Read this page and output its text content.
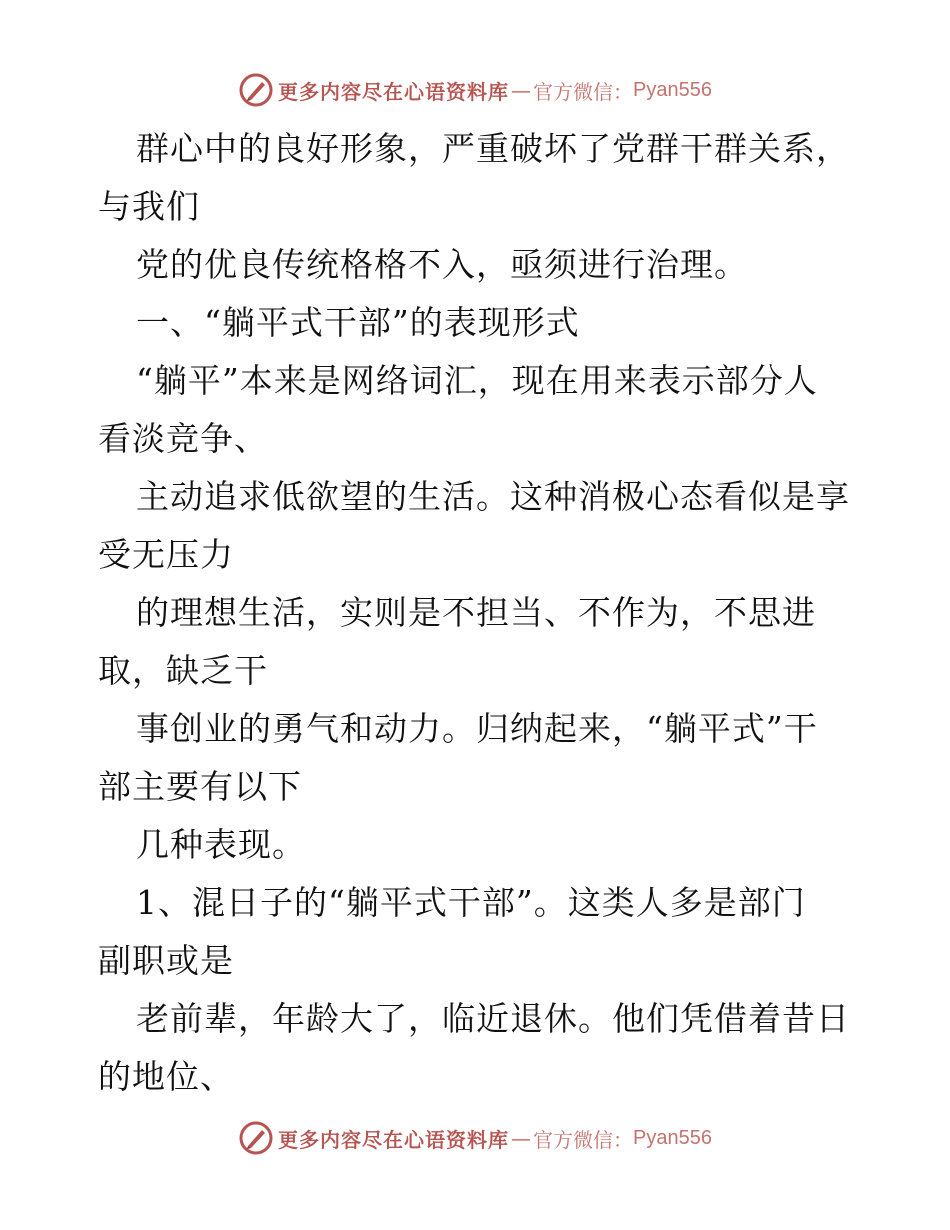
更多内容尽在心语资料库 — 官方微信： Pyan556
群心中的良好形象，严重破坏了党群干群关系，
与我们
党的优良传统格格不入，亟须进行治理。
一、“躺平式干部”的表现形式
“躺平”本来是网络词汇，现在用来表示部分人
看淡竞争、
主动追求低欲望的生活。这种消极心态看似是享
受无压力
的理想生活，实则是不担当、不作为，不思进
取，缺乏干
事创业的勇气和动力。归纳起来，“躺平式”干
部主要有以下
几种表现。
1、混日子的“躺平式干部”。这类人多是部门
副职或是
老前辈，年龄大了，临近退休。他们凭借着昔日
的地位、
更多内容尽在心语资料库 — 官方微信： Pyan556
